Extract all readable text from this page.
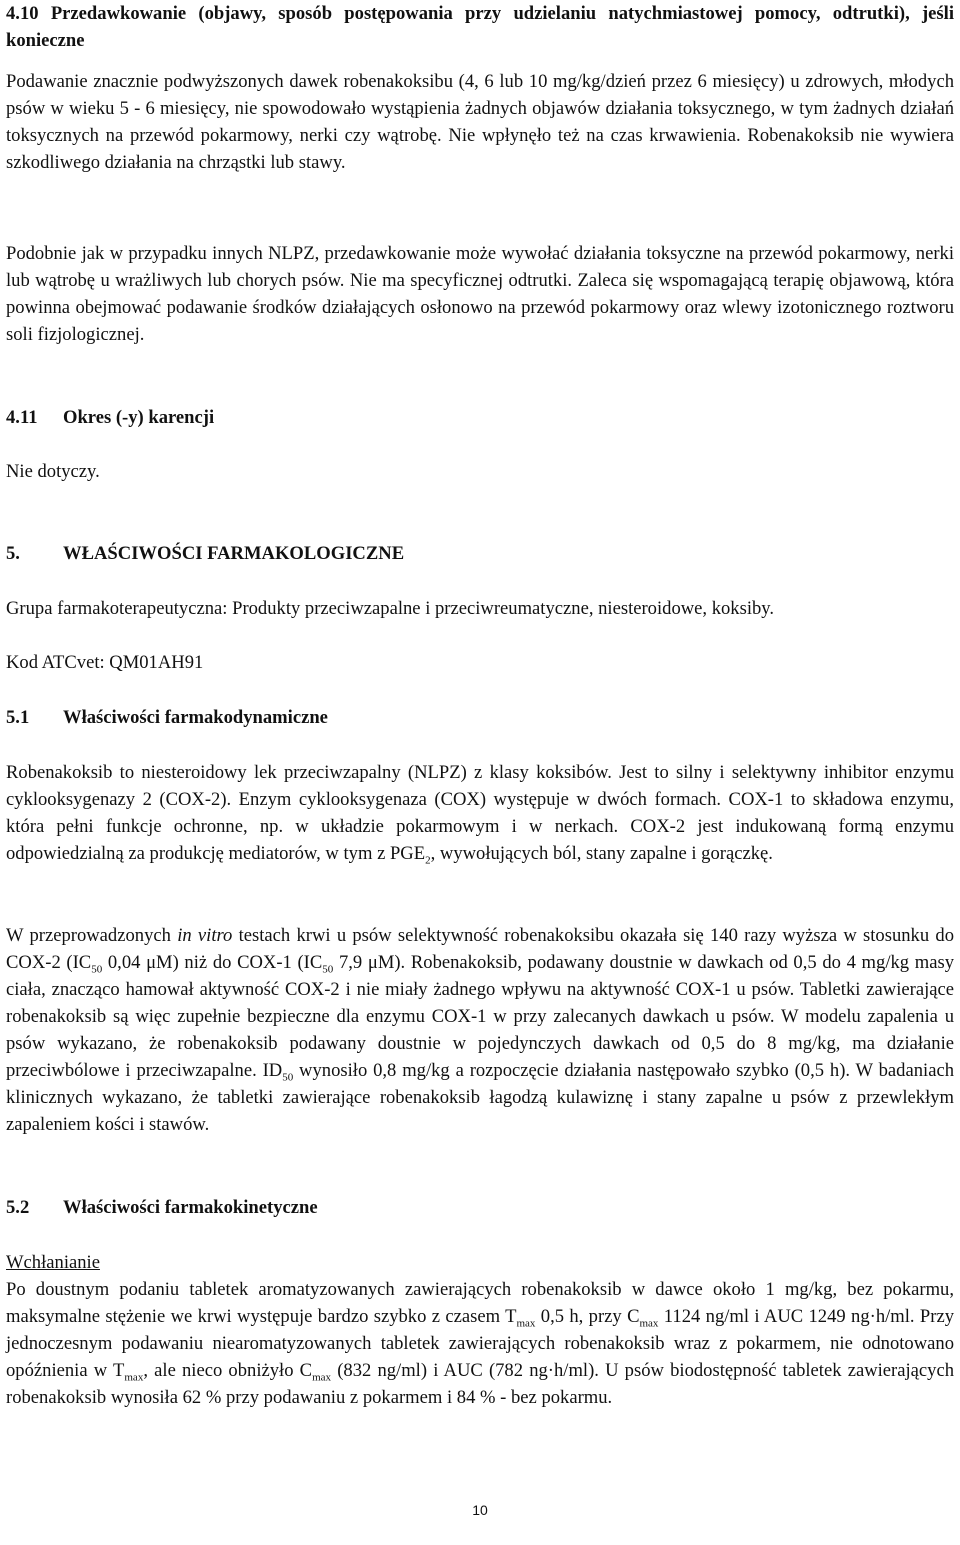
4.10 Przedawkowanie (objawy, sposób postępowania przy udzielaniu natychmiastowej pomocy, odtrutki), jeśli konieczne

Podawanie znacznie podwyższonych dawek robenakoksibu (4, 6 lub 10 mg/kg/dzień przez 6 miesięcy) u zdrowych, młodych psów w wieku 5 - 6 miesięcy, nie spowodowało wystąpienia żadnych objawów działania toksycznego, w tym żadnych działań toksycznych na przewód pokarmowy, nerki czy wątrobę. Nie wpłynęło też na czas krwawienia. Robenakoksib nie wywiera szkodliwego działania na chrząstki lub stawy.

Podobnie jak w przypadku innych NLPZ, przedawkowanie może wywołać działania toksyczne na przewód pokarmowy, nerki lub wątrobę u wrażliwych lub chorych psów. Nie ma specyficznej odtrutki. Zaleca się wspomagającą terapię objawową, która powinna obejmować podawanie środków działających osłonowo na przewód pokarmowy oraz wlewy izotonicznego roztworu soli fizjologicznej.

4.11 Okres (-y) karencji

Nie dotyczy.

5. WŁAŚCIWOŚCI FARMAKOLOGICZNE

Grupa farmakoterapeutyczna: Produkty przeciwzapalne i przeciwreumatyczne, niesteroidowe, koksiby.

Kod ATCvet: QM01AH91

5.1 Właściwości farmakodynamiczne

Robenakoksib to niesteroidowy lek przeciwzapalny (NLPZ) z klasy koksibów. Jest to silny i selektywny inhibitor enzymu cyklooksygenazy 2 (COX-2). Enzym cyklooksygenaza (COX) występuje w dwóch formach. COX-1 to składowa enzymu, która pełni funkcje ochronne, np. w układzie pokarmowym i w nerkach. COX-2 jest indukowaną formą enzymu odpowiedzialną za produkcję mediatorów, w tym z $PGE_2$, wywołujących ból, stany zapalne i gorączkę.

W przeprowadzonych in vitro testach krwi u psów selektywność robenakoksibu okazała się 140 razy wyższa w stosunku do COX-2 ($IC_{50}$ 0,04 μM) niż do COX-1 ($IC_{50}$ 7,9 μM). Robenakoksib, podawany doustnie w dawkach od 0,5 do 4 mg/kg masy ciała, znacząco hamował aktywność COX-2 i nie miały żadnego wpływu na aktywność COX-1 u psów. Tabletki zawierające robenakoksib są więc zupełnie bezpieczne dla enzymu COX-1 w przy zalecanych dawkach u psów. W modelu zapalenia u psów wykazano, że robenakoksib podawany doustnie w pojedynczych dawkach od 0,5 do 8 mg/kg, ma działanie przeciwbólowe i przeciwzapalne. $ID_{50}$ wynosiło 0,8 mg/kg a rozpoczęcie działania następowało szybko (0,5 h). W badaniach klinicznych wykazano, że tabletki zawierające robenakoksib łagodzą kulawiznę i stany zapalne u psów z przewlekłym zapaleniem kości i stawów.

5.2 Właściwości farmakokinetyczne

Wchłanianie

Po doustnym podaniu tabletek aromatyzowanych zawierających robenakoksib w dawce około 1 mg/kg, bez pokarmu, maksymalne stężenie we krwi występuje bardzo szybko z czasem $T_{max}$ 0,5 h, przy $C_{max}$ 1124 ng/ml i AUC 1249 ng·h/ml. Przy jednoczesnym podawaniu niearomatyzowanych tabletek zawierających robenakoksib wraz z pokarmem, nie odnotowano opóźnienia w $T_{max}$, ale nieco obniżyło $C_{max}$ (832 ng/ml) i AUC (782 ng·h/ml). U psów biodostępność tabletek zawierających robenakoksib wynosiła 62 % przy podawaniu z pokarmem i 84 % - bez pokarmu.

10
